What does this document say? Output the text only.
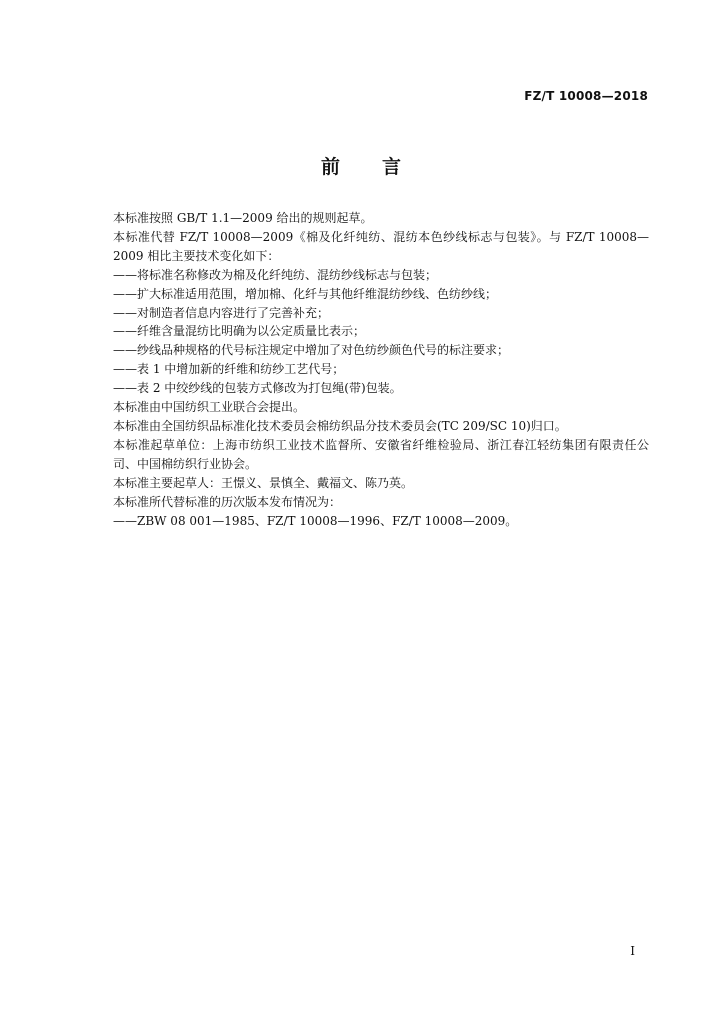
FZ/T 10008—2018
前 言

本标准按照 GB/T 1.1—2009 给出的规则起草。

本标准代替 FZ/T 10008—2009《棉及化纤纯纺、混纺本色纱线标志与包装》。与 FZ/T 10008—2009 相比主要技术变化如下：

——将标准名称修改为棉及化纤纯纺、混纺纱线标志与包装；

——扩大标准适用范围，增加棉、化纤与其他纤维混纺纱线、色纺纱线；

——对制造者信息内容进行了完善补充；

——纤维含量混纺比明确为以公定质量比表示；

——纱线品种规格的代号标注规定中增加了对色纺纱颜色代号的标注要求；

——表 1 中增加新的纤维和纺纱工艺代号；

——表 2 中绞纱线的包装方式修改为打包绳(带)包装。

本标准由中国纺织工业联合会提出。

本标准由全国纺织品标准化技术委员会棉纺织品分技术委员会(TC 209/SC 10)归口。

本标准起草单位：上海市纺织工业技术监督所、安徽省纤维检验局、浙江春江轻纺集团有限责任公司、中国棉纺织行业协会。

本标准主要起草人：王憬义、景慎全、戴福文、陈乃英。

本标准所代替标准的历次版本发布情况为：

——ZBW 08 001—1985、FZ/T 10008—1996、FZ/T 10008—2009。

I
